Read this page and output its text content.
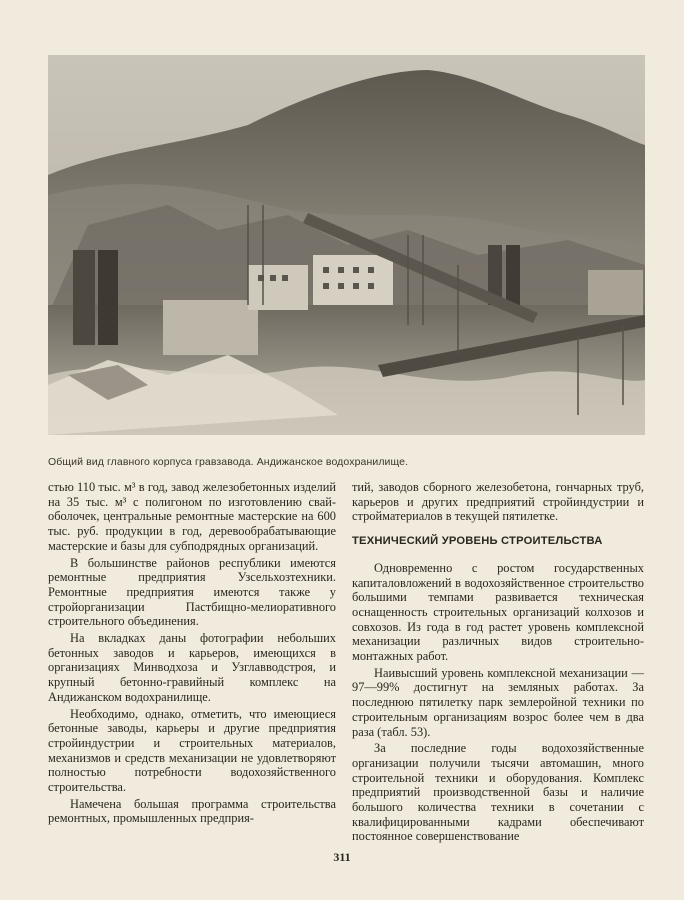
Общий вид главного корпуса гравзавода. Андижанское водохранилище.

стью 110 тыс. м³ в год, завод железобетонных изделий на 35 тыс. м³ с полигоном по изготовлению свай-оболочек, центральные ремонтные мастерские на 600 тыс. руб. продукции в год, деревообрабатывающие мастерские и базы для субподрядных организаций.

В большинстве районов республики имеются ремонтные предприятия Узсельхозтехники. Ремонтные предприятия имеются также у стройорганизации Пастбищно-мелиоративного строительного объединения.

На вкладках даны фотографии небольших бетонных заводов и карьеров, имеющихся в организациях Минводхоза и Узглавводстроя, и крупный бетонно-гравийный комплекс на Андижанском водохранилище.

Необходимо, однако, отметить, что имеющиеся бетонные заводы, карьеры и другие предприятия стройиндустрии и строительных материалов, механизмов и средств механизации не удовлетворяют полностью потребности водохозяйственного строительства.

Намечена большая программа строительства ремонтных, промышленных предприя-

тий, заводов сборного железобетона, гончарных труб, карьеров и других предприятий стройиндустрии и стройматериалов в текущей пятилетке.

ТЕХНИЧЕСКИЙ УРОВЕНЬ СТРОИТЕЛЬСТВА

Одновременно с ростом государственных капиталовложений в водохозяйственное строительство большими темпами развивается техническая оснащенность строительных организаций колхозов и совхозов. Из года в год растет уровень комплексной механизации различных видов строительно-монтажных работ.

Наивысший уровень комплексной механизации — 97—99% достигнут на земляных работах. За последнюю пятилетку парк землеройной техники по строительным организациям возрос более чем в два раза (табл. 53).

За последние годы водохозяйственные организации получили тысячи автомашин, много строительной техники и оборудования. Комплекс предприятий производственной базы и наличие большого количества техники в сочетании с квалифицированными кадрами обеспечивают постоянное совершенствование

311
